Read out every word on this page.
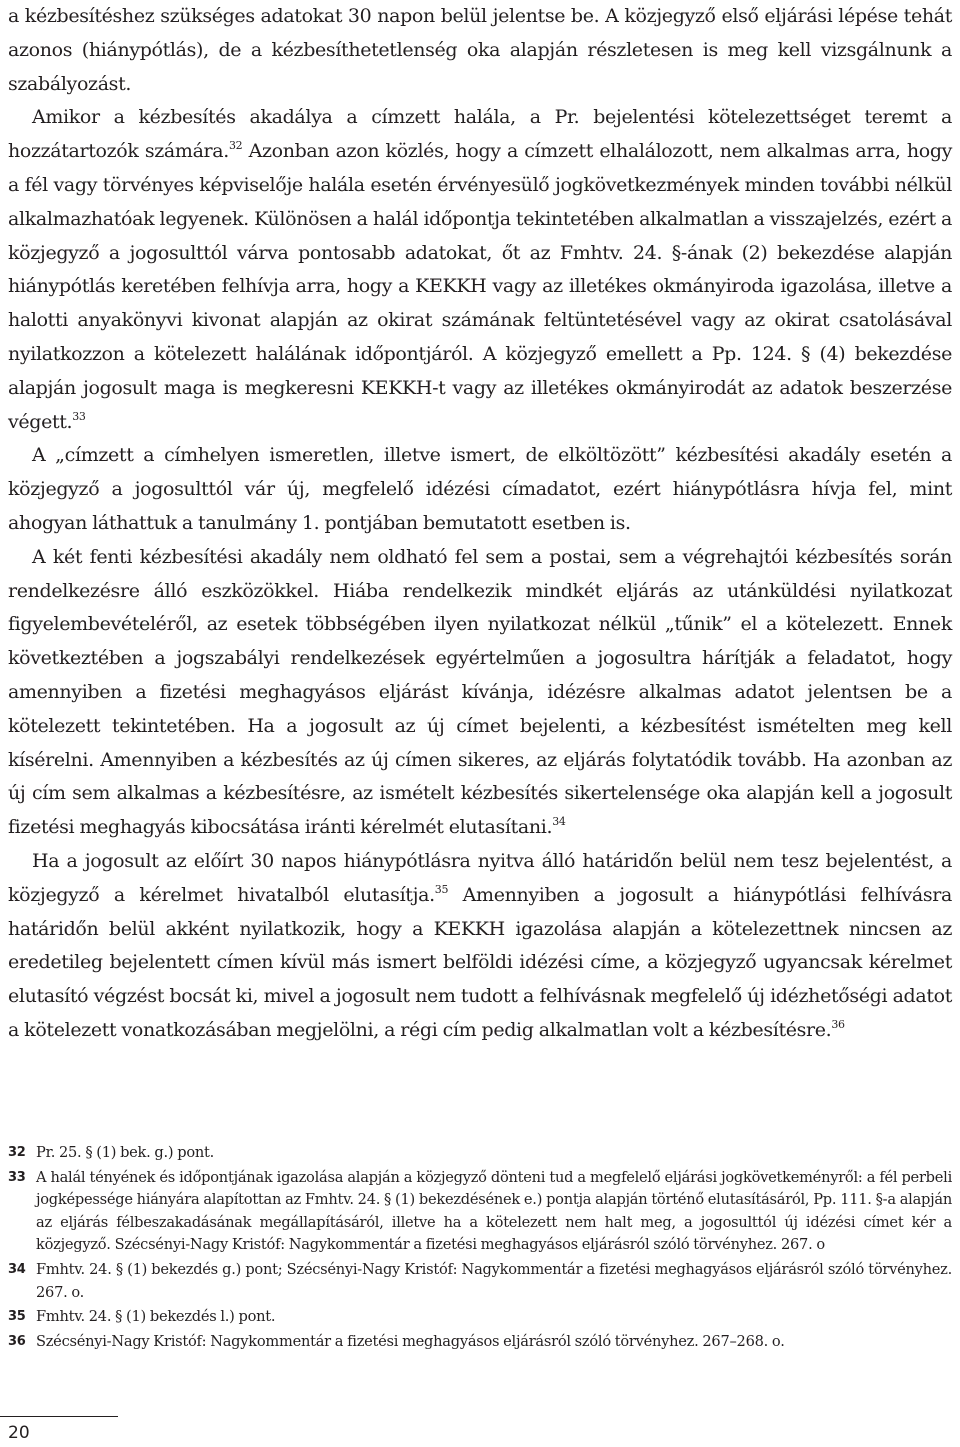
a kézbesítéshez szükséges adatokat 30 napon belül jelentse be. A közjegyző első eljárási lépése tehát azonos (hiánypótlás), de a kézbesíthetetlenség oka alapján részletesen is meg kell vizsgálnunk a szabályozást.

Amikor a kézbesítés akadálya a címzett halála, a Pr. bejelentési kötelezettséget teremt a hozzátartozók számára.$^{32}$ Azonban azon közlés, hogy a címzett elhalálozott, nem alkalmas arra, hogy a fél vagy törvényes képviselője halála esetén érvényesülő jogkövetkezmények minden további nélkül alkalmazhatóak legyenek. Különösen a halál időpontja tekintetében alkalmatlan a visszajelzés, ezért a közjegyző a jogosulttól várva pontosabb adatokat, őt az Fmhtv. 24. §-ának (2) bekezdése alapján hiánypótlás keretében felhívja arra, hogy a KEKKH vagy az illetékes okmányiroda igazolása, illetve a halotti anyakönyvi kivonat alapján az okirat számának feltüntetésével vagy az okirat csatolásával nyilatkozzon a kötelezett halálának időpontjáról. A közjegyző emellett a Pp. 124. § (4) bekezdése alapján jogosult maga is megkeresni KEKKH-t vagy az illetékes okmányirodát az adatok beszerzése végett.$^{33}$

A „címzett a címhelyen ismeretlen, illetve ismert, de elköltözött” kézbesítési akadály esetén a közjegyző a jogosulttól vár új, megfelelő idézési címadatot, ezért hiánypótlásra hívja fel, mint ahogyan láthattuk a tanulmány 1. pontjában bemutatott esetben is.

A két fenti kézbesítési akadály nem oldható fel sem a postai, sem a végrehajtói kézbesítés során rendelkezésre álló eszközökkel. Hiába rendelkezik mindkét eljárás az utánküldési nyilatkozat figyelembevételéről, az esetek többségében ilyen nyilatkozat nélkül „tűnik” el a kötelezett. Ennek következtében a jogszabályi rendelkezések egyértelműen a jogosultra hárítják a feladatot, hogy amennyiben a fizetési meghagyásos eljárást kívánja, idézésre alkalmas adatot jelentsen be a kötelezett tekintetében. Ha a jogosult az új címet bejelenti, a kézbesítést ismételten meg kell kísérelni. Amennyiben a kézbesítés az új címen sikeres, az eljárás folytatódik tovább. Ha azonban az új cím sem alkalmas a kézbesítésre, az ismételt kézbesítés sikertelensége oka alapján kell a jogosult fizetési meghagyás kibocsátása iránti kérelmét elutasítani.$^{34}$

Ha a jogosult az előírt 30 napos hiánypótlásra nyitva álló határidőn belül nem tesz bejelentést, a közjegyző a kérelmet hivatalból elutasítja.$^{35}$ Amennyiben a jogosult a hiánypótlási felhívásra határidőn belül akként nyilatkozik, hogy a KEKKH igazolása alapján a kötelezettnek nincsen az eredetileg bejelentett címen kívül más ismert belföldi idézési címe, a közjegyző ugyancsak kérelmet elutasító végzést bocsát ki, mivel a jogosult nem tudott a felhívásnak megfelelő új idézhetőségi adatot a kötelezett vonatkozásában megjelölni, a régi cím pedig alkalmatlan volt a kézbesítésre.$^{36}$

32 Pr. 25. § (1) bek. g.) pont.
33 A halál tényének és időpontjának igazolása alapján a közjegyző dönteni tud a megfelelő eljárási jogkövetkeményről: a fél perbeli jogképessége hiányára alapítottan az Fmhtv. 24. § (1) bekezdésének e.) pontja alapján történő elutasításáról, Pp. 111. §-a alapján az eljárás félbeszakadásának megállapításáról, illetve ha a kötelezett nem halt meg, a jogosulttól új idézési címet kér a közjegyző. Szécsényi-Nagy Kristóf: Nagykommentár a fizetési meghagyásos eljárásról szóló törvényhez. 267. o
34 Fmhtv. 24. § (1) bekezdés g.) pont; Szécsényi-Nagy Kristóf: Nagykommentár a fizetési meghagyásos eljárásról szóló törvényhez. 267. o.
35 Fmhtv. 24. § (1) bekezdés l.) pont.
36 Szécsényi-Nagy Kristóf: Nagykommentár a fizetési meghagyásos eljárásról szóló törvényhez. 267–268. o.
20
